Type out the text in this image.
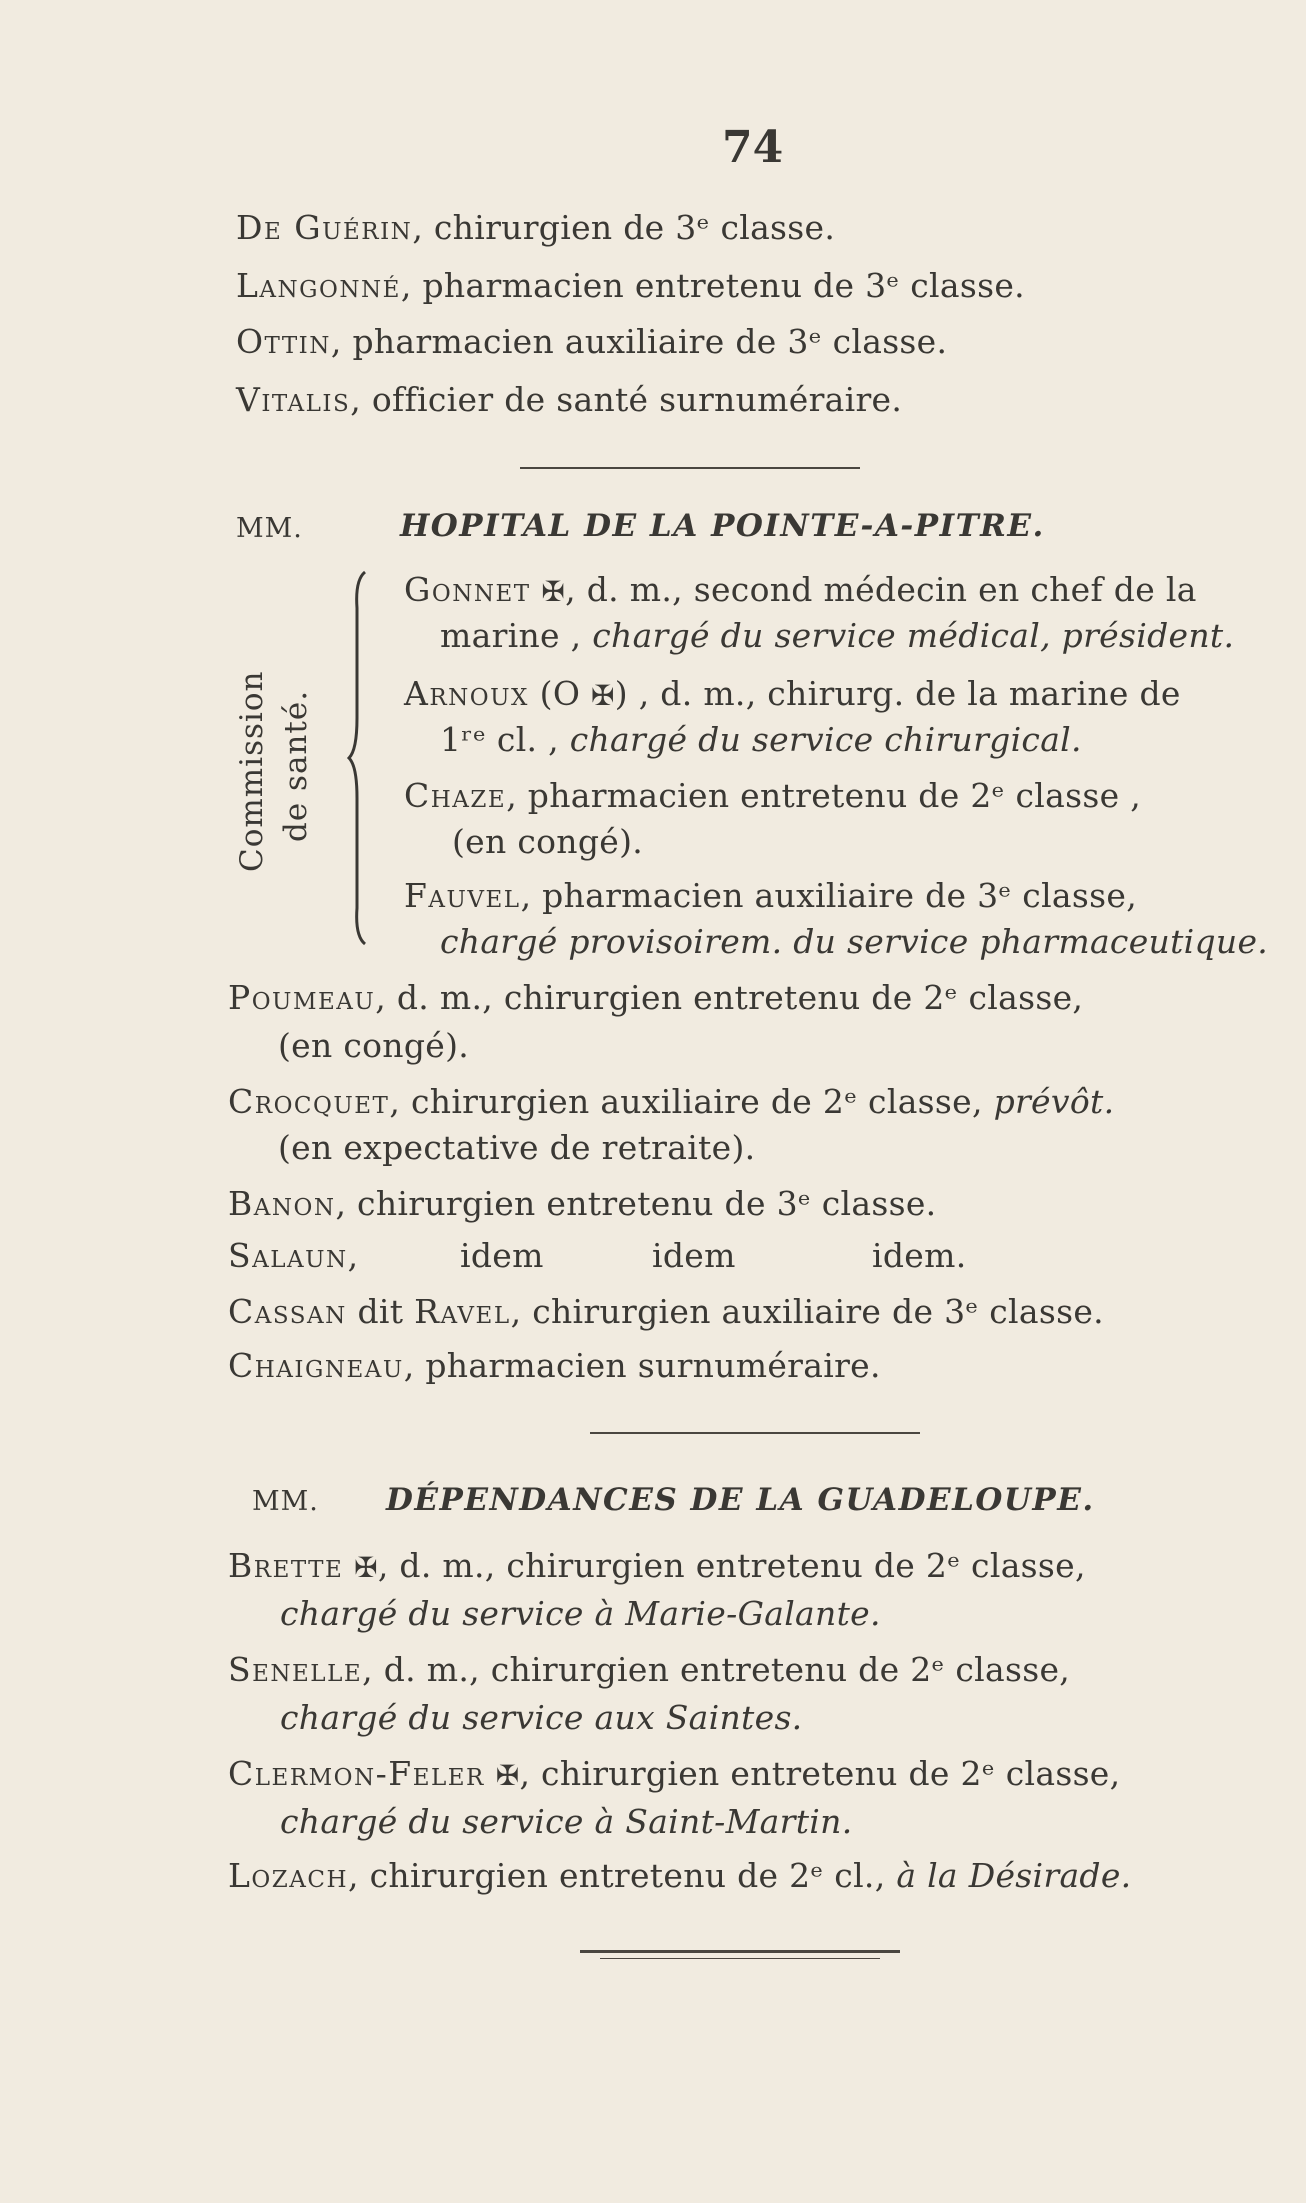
74
De Guérin, chirurgien de 3ᵉ classe.
Langonné, pharmacien entretenu de 3ᵉ classe.
Ottin, pharmacien auxiliaire de 3ᵉ classe.
Vitalis, officier de santé surnuméraire.
MM.	HOPITAL DE LA POINTE-A-PITRE.
Commission de santé.
Gonnet ✠, d. m., second médecin en chef de la
marine , chargé du service médical, président.
Arnoux (O ✠) , d. m., chirurg. de la marine de
1ʳᵉ cl. , chargé du service chirurgical.
Chaze, pharmacien entretenu de 2ᵉ classe ,
(en congé).
Fauvel, pharmacien auxiliaire de 3ᵉ classe,
chargé provisoirem. du service pharmaceutique.
Poumeau, d. m., chirurgien entretenu de 2ᵉ classe,
(en congé).
Crocquet, chirurgien auxiliaire de 2ᵉ classe, prévôt.
(en expectative de retraite).
Banon, chirurgien entretenu de 3ᵉ classe.
Salaun,	idem	idem	idem.
Cassan dit Ravel, chirurgien auxiliaire de 3ᵉ classe.
Chaigneau, pharmacien surnuméraire.
MM. DÉPENDANCES DE LA GUADELOUPE.
Brette ✠, d. m., chirurgien entretenu de 2ᵉ classe,
chargé du service à Marie-Galante.
Senelle, d. m., chirurgien entretenu de 2ᵉ classe,
chargé du service aux Saintes.
Clermon-Feler ✠, chirurgien entretenu de 2ᵉ classe,
chargé du service à Saint-Martin.
Lozach, chirurgien entretenu de 2ᵉ cl., à la Désirade.
